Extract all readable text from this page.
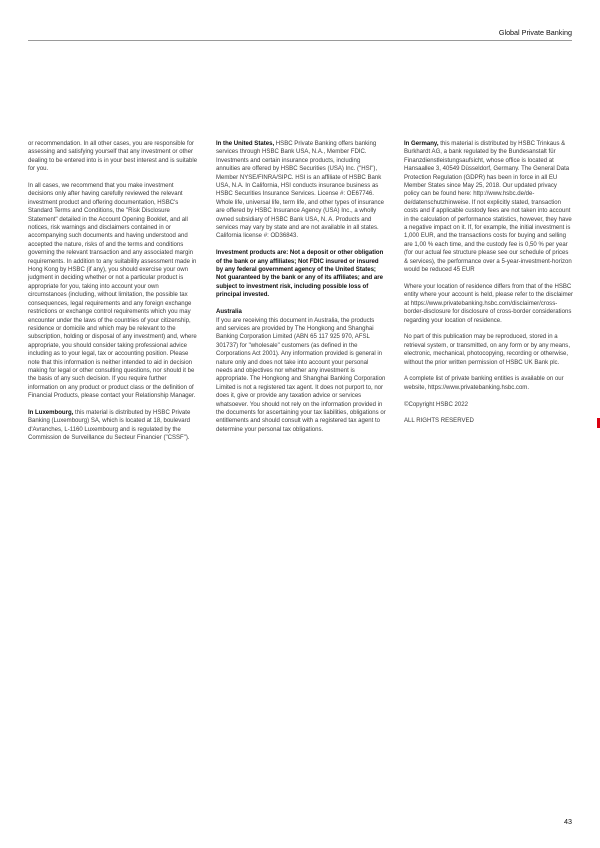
Global Private Banking

or recommendation. In all other cases, you are responsible for assessing and satisfying yourself that any investment or other dealing to be entered into is in your best interest and is suitable for you.

In all cases, we recommend that you make investment decisions only after having carefully reviewed the relevant investment product and offering documentation, HSBC's Standard Terms and Conditions, the "Risk Disclosure Statement" detailed in the Account Opening Booklet, and all notices, risk warnings and disclaimers contained in or accompanying such documents and having understood and accepted the nature, risks of and the terms and conditions governing the relevant transaction and any associated margin requirements. In addition to any suitability assessment made in Hong Kong by HSBC (if any), you should exercise your own judgment in deciding whether or not a particular product is appropriate for you, taking into account your own circumstances (including, without limitation, the possible tax consequences, legal requirements and any foreign exchange restrictions or exchange control requirements which you may encounter under the laws of the countries of your citizenship, residence or domicile and which may be relevant to the subscription, holding or disposal of any investment) and, where appropriate, you should consider taking professional advice including as to your legal, tax or accounting position. Please note that this information is neither intended to aid in decision making for legal or other consulting questions, nor should it be the basis of any such decision. If you require further information on any product or product class or the definition of Financial Products, please contact your Relationship Manager.

In Luxembourg, this material is distributed by HSBC Private Banking (Luxembourg) SA, which is located at 18, boulevard d'Avranches, L-1160 Luxembourg and is regulated by the Commission de Surveillance du Secteur Financier ("CSSF").

In the United States, HSBC Private Banking offers banking services through HSBC Bank USA, N.A., Member FDIC. Investments and certain insurance products, including annuities are offered by HSBC Securities (USA) Inc. ("HSI"), Member NYSE/FINRA/SIPC. HSI is an affiliate of HSBC Bank USA, N.A. In California, HSI conducts insurance business as HSBC Securities Insurance Services. License #: OE67746. Whole life, universal life, term life, and other types of insurance are offered by HSBC Insurance Agency (USA) Inc., a wholly owned subsidiary of HSBC Bank USA, N. A. Products and services may vary by state and are not available in all states. California license #: OD36843.

Investment products are: Not a deposit or other obligation of the bank or any affiliates; Not FDIC insured or insured by any federal government agency of the United States; Not guaranteed by the bank or any of its affiliates; and are subject to investment risk, including possible loss of principal invested.

Australia

If you are receiving this document in Australia, the products and services are provided by The Hongkong and Shanghai Banking Corporation Limited (ABN 65 117 925 970, AFSL 301737) for "wholesale" customers (as defined in the Corporations Act 2001). Any information provided is general in nature only and does not take into account your personal needs and objectives nor whether any investment is appropriate. The Hongkong and Shanghai Banking Corporation Limited is not a registered tax agent. It does not purport to, nor does it, give or provide any taxation advice or services whatsoever. You should not rely on the information provided in the documents for ascertaining your tax liabilities, obligations or entitlements and should consult with a registered tax agent to determine your personal tax obligations.

In Germany, this material is distributed by HSBC Trinkaus & Burkhardt AG, a bank regulated by the Bundesanstalt für Finanzdienstleistungsaufsicht, whose office is located at Hansaallee 3, 40549 Düsseldorf, Germany. The General Data Protection Regulation (GDPR) has been in force in all EU Member States since May 25, 2018. Our updated privacy policy can be found here: http://www.hsbc.de/de-de/datenschutzhinweise. If not explicitly stated, transaction costs and if applicable custody fees are not taken into account in the calculation of performance statistics, however, they have a negative impact on it. If, for example, the initial investment is 1,000 EUR, and the transactions costs for buying and selling are 1,00 % each time, and the custody fee is 0,50 % per year (for our actual fee structure please see our schedule of prices & services), the performance over a 5-year-investment-horizon would be reduced 45 EUR

Where your location of residence differs from that of the HSBC entity where your account is held, please refer to the disclaimer at https://www.privatebanking.hsbc.com/disclaimer/cross-border-disclosure for disclosure of cross-border considerations regarding your location of residence.

No part of this publication may be reproduced, stored in a retrieval system, or transmitted, on any form or by any means, electronic, mechanical, photocopying, recording or otherwise, without the prior written permission of HSBC UK Bank plc.

A complete list of private banking entities is available on our website, https://www.privatebanking.hsbc.com.

©Copyright HSBC 2022

ALL RIGHTS RESERVED

43
